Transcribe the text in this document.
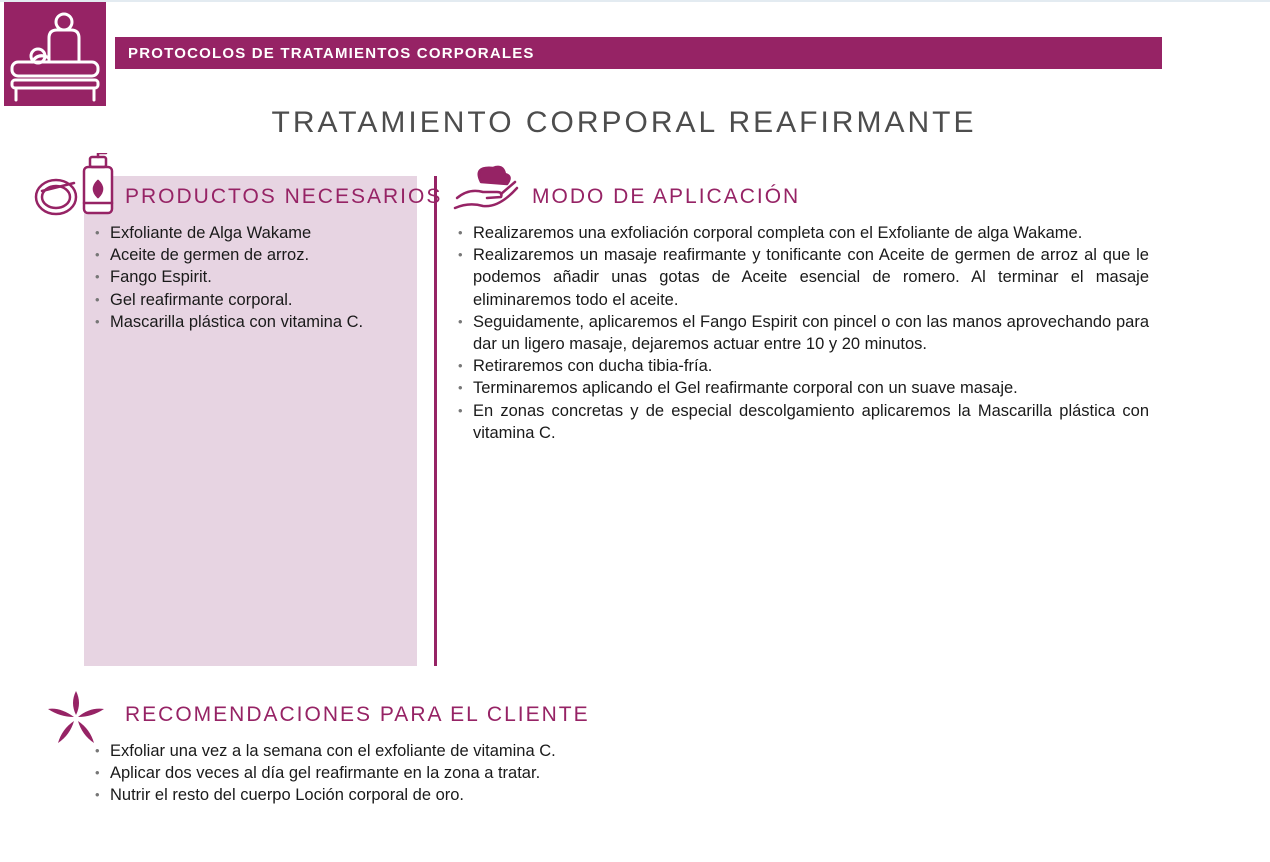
PROTOCOLOS DE TRATAMIENTOS CORPORALES
TRATAMIENTO CORPORAL REAFIRMANTE
PRODUCTOS NECESARIOS
• Exfoliante de Alga Wakame
• Aceite de germen de arroz.
• Fango Espirit.
• Gel reafirmante corporal.
• Mascarilla plástica con vitamina C.
MODO DE APLICACIÓN
• Realizaremos una exfoliación corporal completa con el Exfoliante de alga Wakame.
• Realizaremos un masaje reafirmante y tonificante con Aceite de germen de arroz al que le podemos añadir unas gotas de Aceite esencial de romero. Al terminar el masaje eliminaremos todo el aceite.
• Seguidamente, aplicaremos el Fango Espirit con pincel o con las manos aprovechando para dar un ligero masaje, dejaremos actuar entre 10 y 20 minutos.
• Retiraremos con ducha tibia-fría.
• Terminaremos aplicando el Gel reafirmante corporal con un suave masaje.
• En zonas concretas y de especial descolgamiento aplicaremos la Mascarilla plástica con vitamina C.
RECOMENDACIONES PARA EL CLIENTE
• Exfoliar una vez a la semana con el exfoliante de vitamina C.
• Aplicar dos veces al día gel reafirmante en la zona a tratar.
• Nutrir el resto del cuerpo Loción corporal de oro.
